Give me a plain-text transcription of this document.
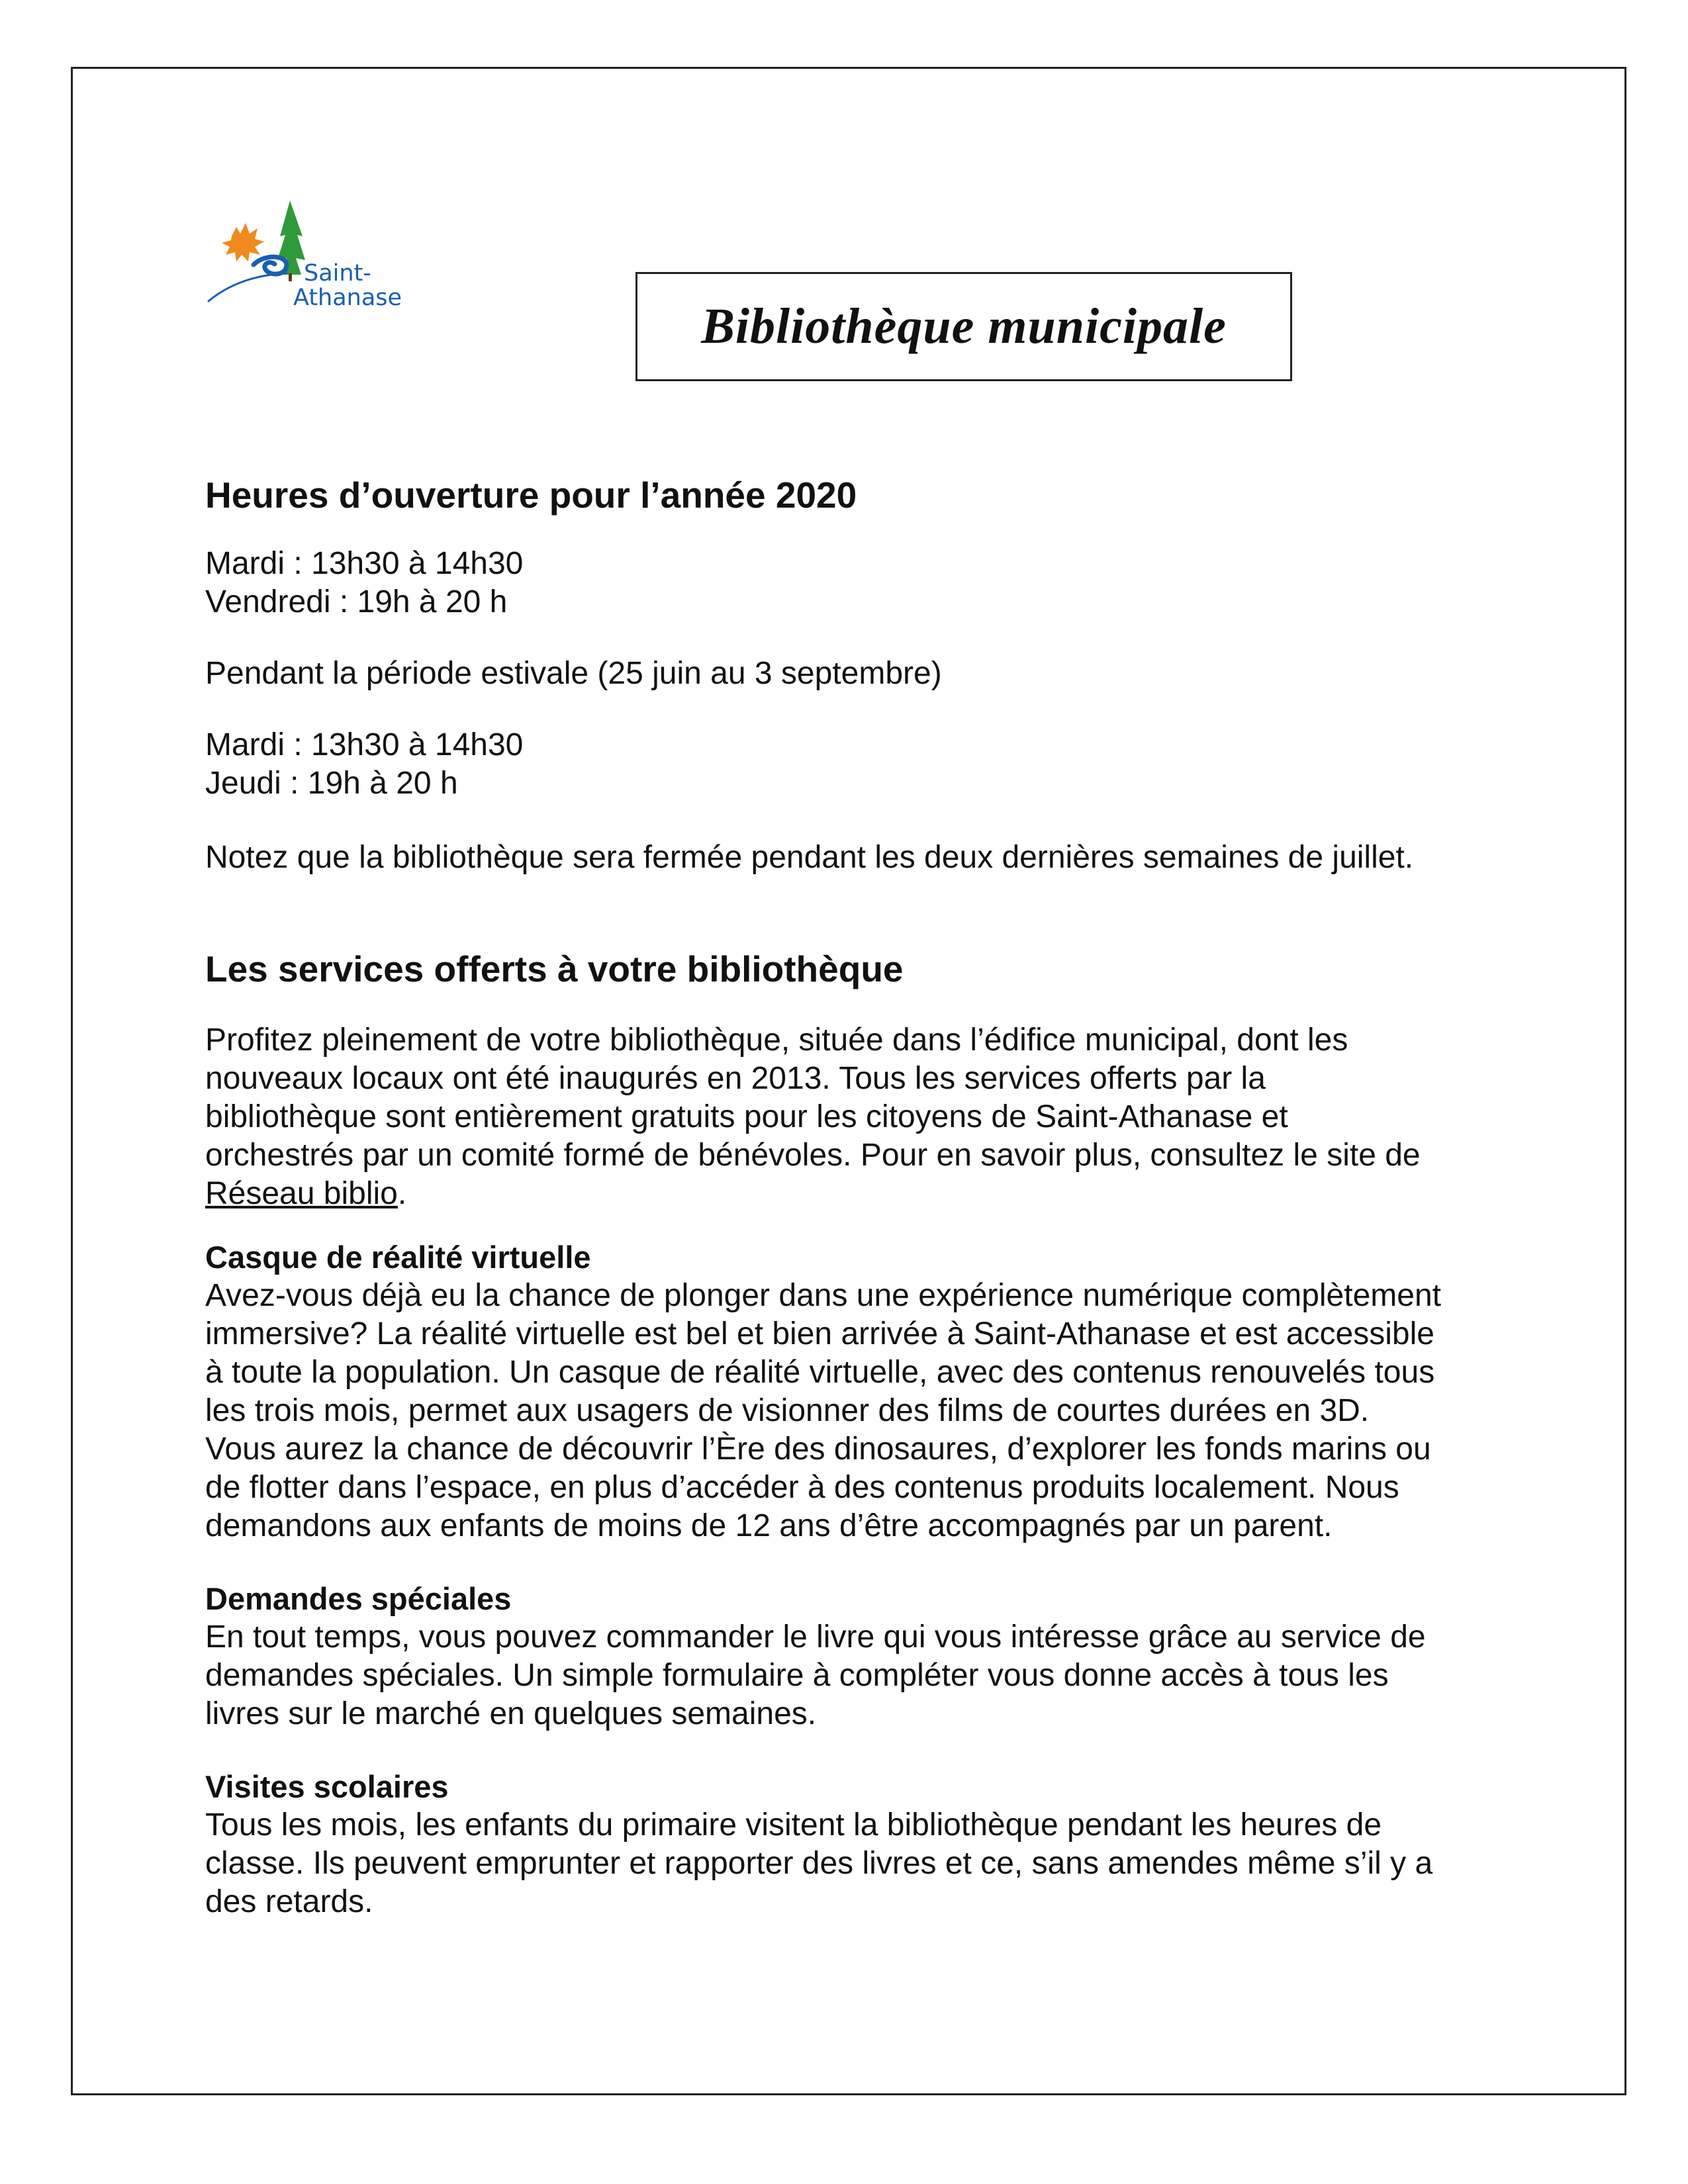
Saint-
Athanase
Bibliothèque municipale
Heures d’ouverture pour l’année 2020

Mardi : 13h30 à 14h30

Vendredi : 19h à 20 h

Pendant la période estivale (25 juin au 3 septembre)

Mardi : 13h30 à 14h30

Jeudi : 19h à 20 h

Notez que la bibliothèque sera fermée pendant les deux dernières semaines de juillet.

Les services offerts à votre bibliothèque

Profitez pleinement de votre bibliothèque, située dans l’édifice municipal, dont les

nouveaux locaux ont été inaugurés en 2013. Tous les services offerts par la

bibliothèque sont entièrement gratuits pour les citoyens de Saint-Athanase et

orchestrés par un comité formé de bénévoles. Pour en savoir plus, consultez le site de

Réseau biblio.

Casque de réalité virtuelle

Avez-vous déjà eu la chance de plonger dans une expérience numérique complètement

immersive? La réalité virtuelle est bel et bien arrivée à Saint-Athanase et est accessible

à toute la population. Un casque de réalité virtuelle, avec des contenus renouvelés tous

les trois mois, permet aux usagers de visionner des films de courtes durées en 3D.

Vous aurez la chance de découvrir l’Ère des dinosaures, d’explorer les fonds marins ou

de flotter dans l’espace, en plus d’accéder à des contenus produits localement. Nous

demandons aux enfants de moins de 12 ans d’être accompagnés par un parent.

Demandes spéciales

En tout temps, vous pouvez commander le livre qui vous intéresse grâce au service de

demandes spéciales. Un simple formulaire à compléter vous donne accès à tous les

livres sur le marché en quelques semaines.

Visites scolaires

Tous les mois, les enfants du primaire visitent la bibliothèque pendant les heures de

classe. Ils peuvent emprunter et rapporter des livres et ce, sans amendes même s’il y a

des retards.
